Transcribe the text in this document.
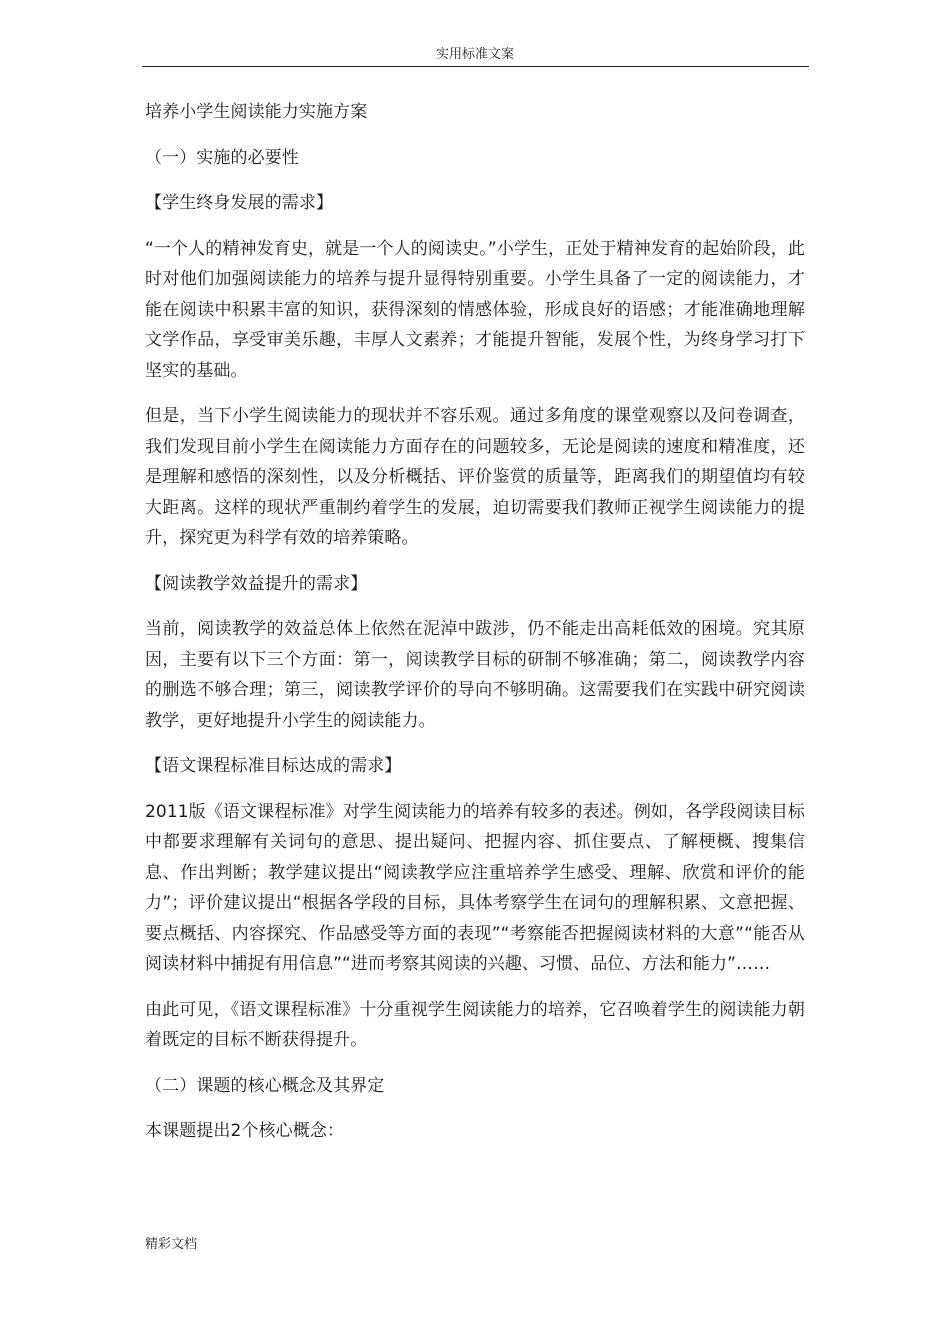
实用标准文案

培养小学生阅读能力实施方案

（一）实施的必要性

【学生终身发展的需求】

“一个人的精神发育史，就是一个人的阅读史。”小学生，正处于精神发育的起始阶段，此时对他们加强阅读能力的培养与提升显得特别重要。小学生具备了一定的阅读能力，才能在阅读中积累丰富的知识，获得深刻的情感体验，形成良好的语感；才能准确地理解文学作品，享受审美乐趣，丰厚人文素养；才能提升智能，发展个性，为终身学习打下坚实的基础。

但是，当下小学生阅读能力的现状并不容乐观。通过多角度的课堂观察以及问卷调查，我们发现目前小学生在阅读能力方面存在的问题较多，无论是阅读的速度和精准度，还是理解和感悟的深刻性，以及分析概括、评价鉴赏的质量等，距离我们的期望值均有较大距离。这样的现状严重制约着学生的发展，迫切需要我们教师正视学生阅读能力的提升，探究更为科学有效的培养策略。

【阅读教学效益提升的需求】

当前，阅读教学的效益总体上依然在泥淖中跋涉，仍不能走出高耗低效的困境。究其原因，主要有以下三个方面：第一，阅读教学目标的研制不够准确；第二，阅读教学内容的删选不够合理；第三，阅读教学评价的导向不够明确。这需要我们在实践中研究阅读教学，更好地提升小学生的阅读能力。

【语文课程标准目标达成的需求】

2011版《语文课程标准》对学生阅读能力的培养有较多的表述。例如，各学段阅读目标中都要求理解有关词句的意思、提出疑问、把握内容、抓住要点、了解梗概、搜集信息、作出判断；教学建议提出“阅读教学应注重培养学生感受、理解、欣赏和评价的能力”；评价建议提出“根据各学段的目标，具体考察学生在词句的理解积累、文意把握、要点概括、内容探究、作品感受等方面的表现”“考察能否把握阅读材料的大意”“能否从阅读材料中捕捉有用信息”“进而考察其阅读的兴趣、习惯、品位、方法和能力”……

由此可见，《语文课程标准》十分重视学生阅读能力的培养，它召唤着学生的阅读能力朝着既定的目标不断获得提升。

（二）课题的核心概念及其界定

本课题提出2个核心概念：

精彩文档
